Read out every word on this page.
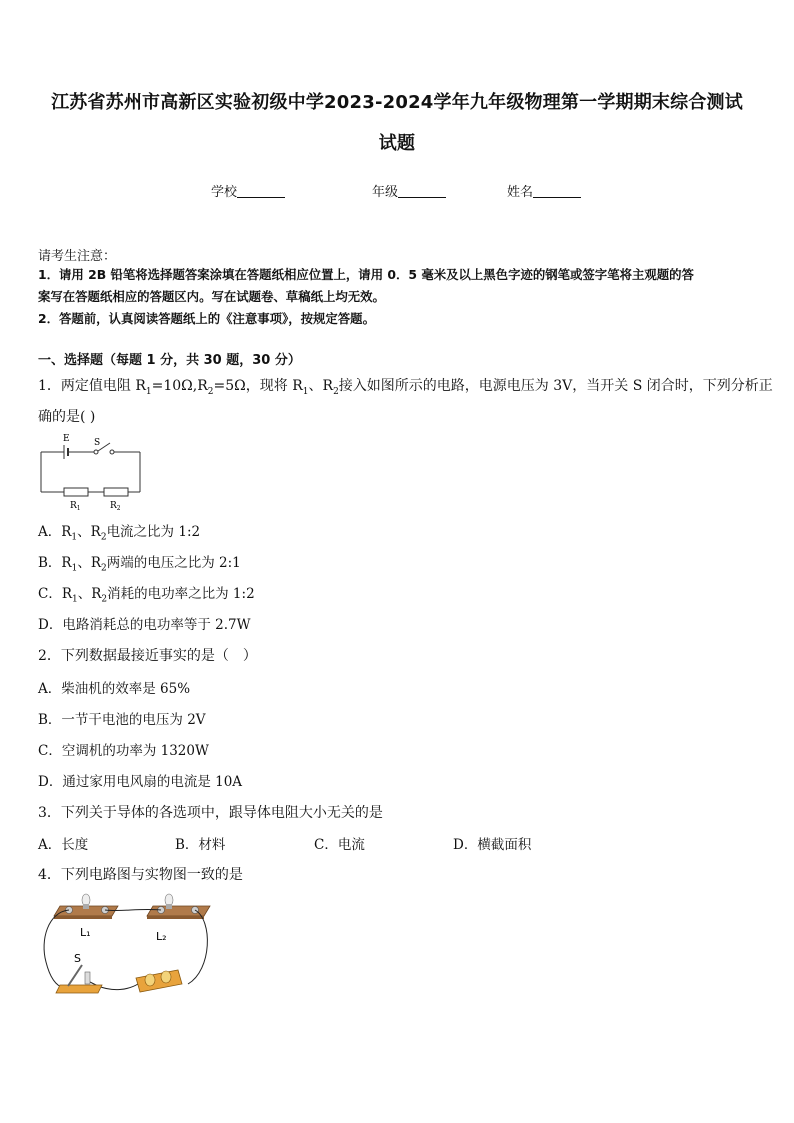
江苏省苏州市高新区实验初级中学2023-2024学年九年级物理第一学期期末综合测试
试题
学校	年级	姓名
请考生注意：
1．请用 2B 铅笔将选择题答案涂填在答题纸相应位置上，请用 0．5 毫米及以上黑色字迹的钢笔或签字笔将主观题的答
案写在答题纸相应的答题区内。写在试题卷、草稿纸上均无效。
2．答题前，认真阅读答题纸上的《注意事项》，按规定答题。
一、选择题（每题 1 分，共 30 题，30 分）
1．两定值电阻 $R_1=10\Omega,R_2=5\Omega$，现将 $R_1$、$R_2$接入如图所示的电路，电源电压为 3V，当开关 S 闭合时，下列分析正
确的是( )
E	S
$R_1$	$R_2$
A．$R_1$、$R_2$电流之比为 1:2
B．$R_1$、$R_2$两端的电压之比为 2:1
C．$R_1$、$R_2$消耗的电功率之比为 1:2
D．电路消耗总的电功率等于 2.7W
2．下列数据最接近事实的是（　）
A．柴油机的效率是 65%
B．一节干电池的电压为 2V
C．空调机的功率为 1320W
D．通过家用电风扇的电流是 10A
3．下列关于导体的各选项中，跟导体电阻大小无关的是
A．长度	B．材料	C．电流	D．横截面积
4．下列电路图与实物图一致的是
L₁	L₂
S
